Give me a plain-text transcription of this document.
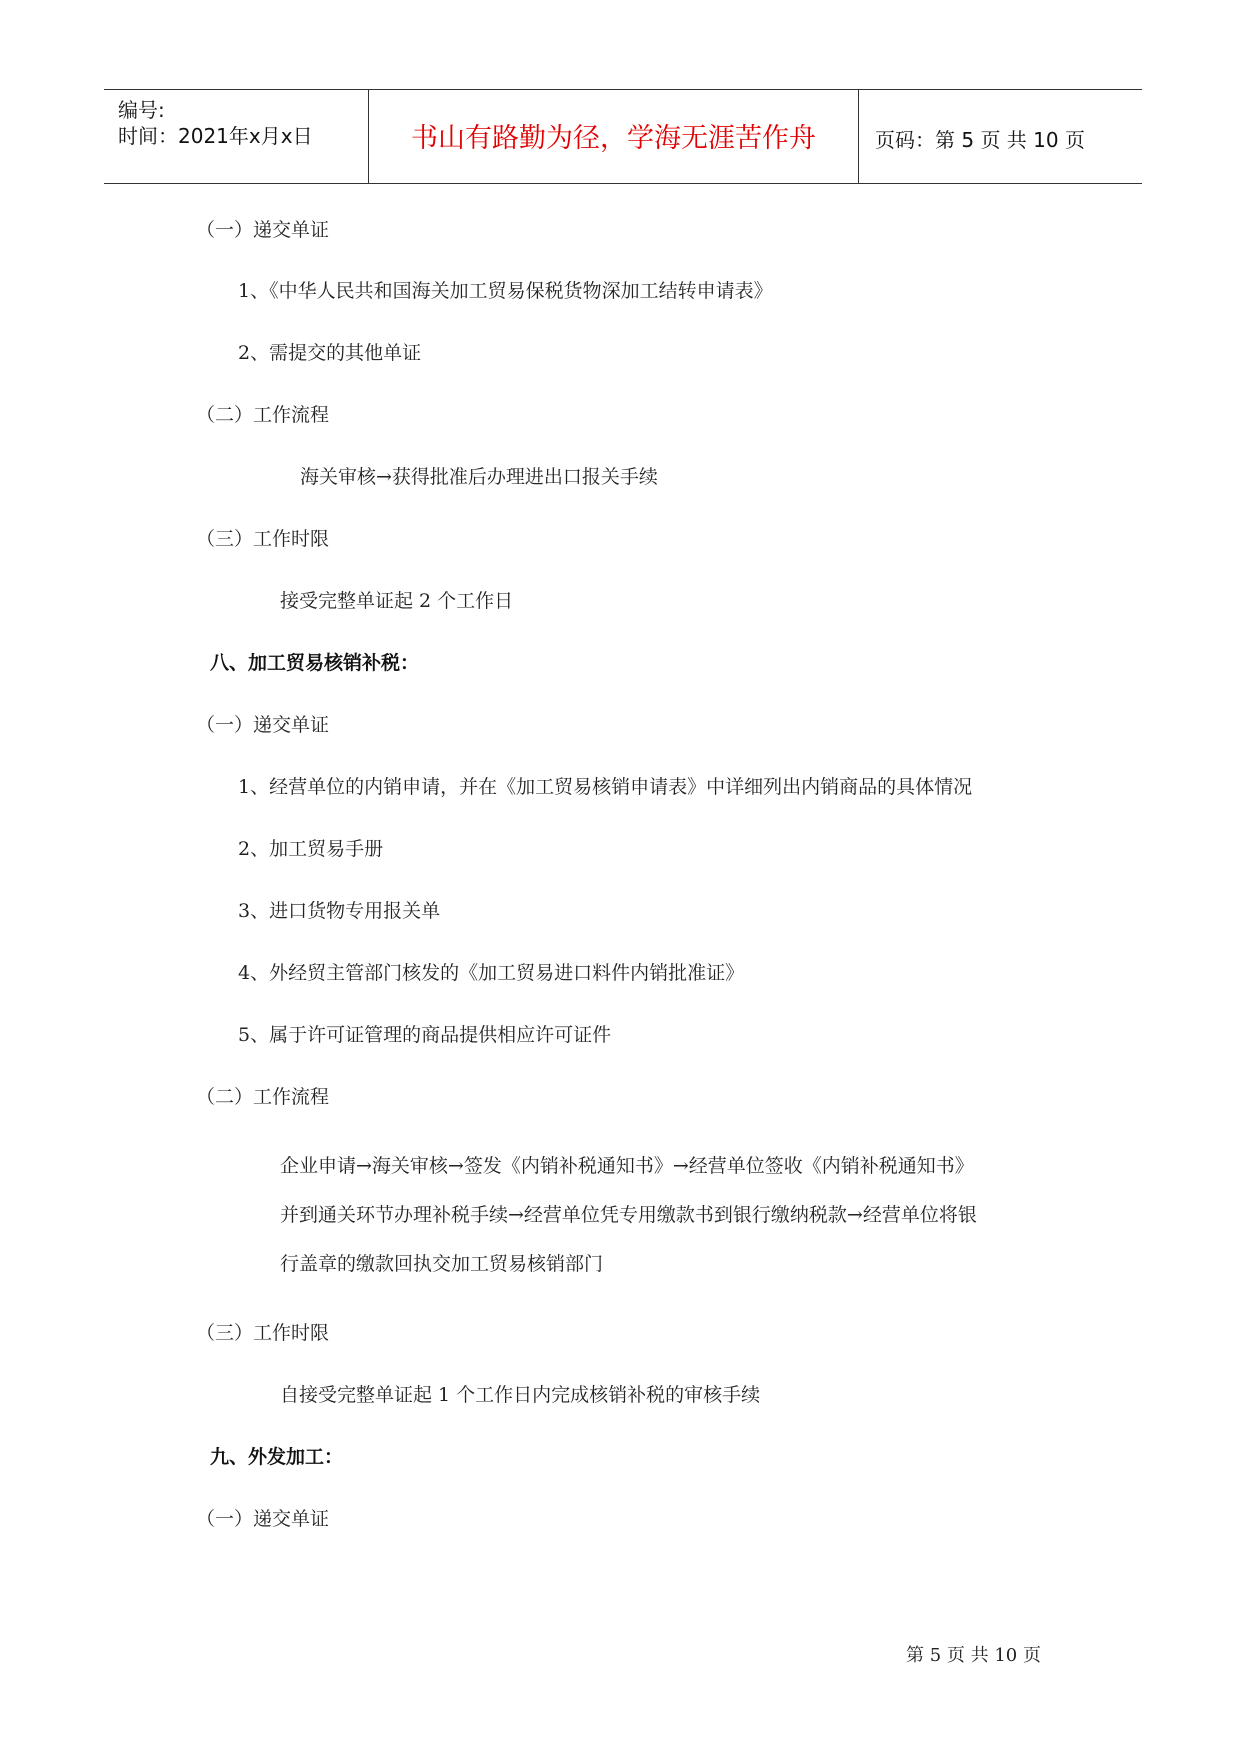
编号:
时间：2021年x月x日	书山有路勤为径，学海无涯苦作舟	页码：第 5 页 共 10 页
（一）递交单证
1、《中华人民共和国海关加工贸易保税货物深加工结转申请表》
2、需提交的其他单证
（二）工作流程
海关审核→获得批准后办理进出口报关手续
（三）工作时限
接受完整单证起 2 个工作日
八、加工贸易核销补税：
（一）递交单证
1、经营单位的内销申请，并在《加工贸易核销申请表》中详细列出内销商品的具体情况
2、加工贸易手册
3、进口货物专用报关单
4、外经贸主管部门核发的《加工贸易进口料件内销批准证》
5、属于许可证管理的商品提供相应许可证件
（二）工作流程
企业申请→海关审核→签发《内销补税通知书》→经营单位签收《内销补税通知书》
并到通关环节办理补税手续→经营单位凭专用缴款书到银行缴纳税款→经营单位将银
行盖章的缴款回执交加工贸易核销部门
（三）工作时限
自接受完整单证起 1 个工作日内完成核销补税的审核手续
九、外发加工：
（一）递交单证
第 5 页 共 10 页
